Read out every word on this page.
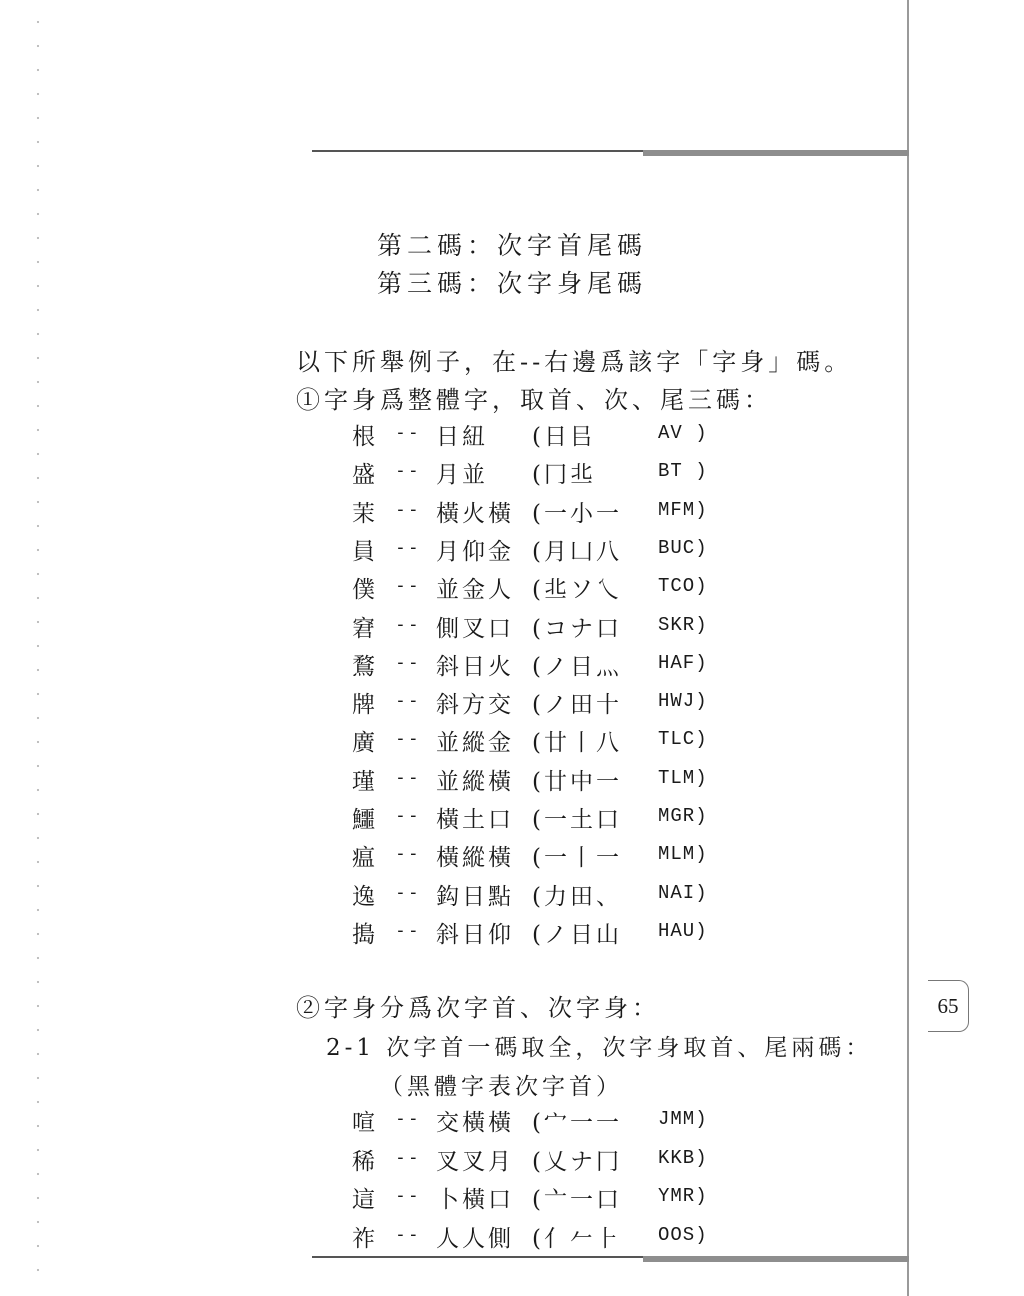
第二碼：次字首尾碼
第三碼：次字身尾碼
以下所舉例子，在--右邊爲該字「字身」碼。
①字身爲整體字，取首、次、尾三碼：
根 -- 日紐 (日㠯	AV )
盛 -- 月並 (冂丠	BT )
茉 -- 橫火橫 (一小一 MFM)
員 -- 月仰金 (月凵八 BUC)
僕 -- 並金人 (丠ソ乀 TCO)
窘 -- 側叉口 (コナ口 SKR)
鶩 -- 斜日火 (ノ日灬 HAF)
牌 -- 斜方交 (ノ田十 HWJ)
廣 -- 並縱金 (廿丨八 TLC)
瑾 -- 並縱橫 (廿中一 TLM)
鱷 -- 橫土口 (一土口 MGR)
瘟 -- 橫縱橫 (一丨一 MLM)
逸 -- 鈎日點 (力田、 NAI)
搗 -- 斜日仰 (ノ日山 HAU)
②字身分爲次字首、次字身：
2-1 次字首一碼取全，次字身取首、尾兩碼：
（黑體字表次字首）
喧 -- 交橫橫 (宀一一 JMM)
稀 -- 叉叉月 (乂ナ冂 KKB)
這 -- 卜橫口 (亠一口 YMR)
祚 -- 人人側 (亻𠂉⺊ OOS)
65
